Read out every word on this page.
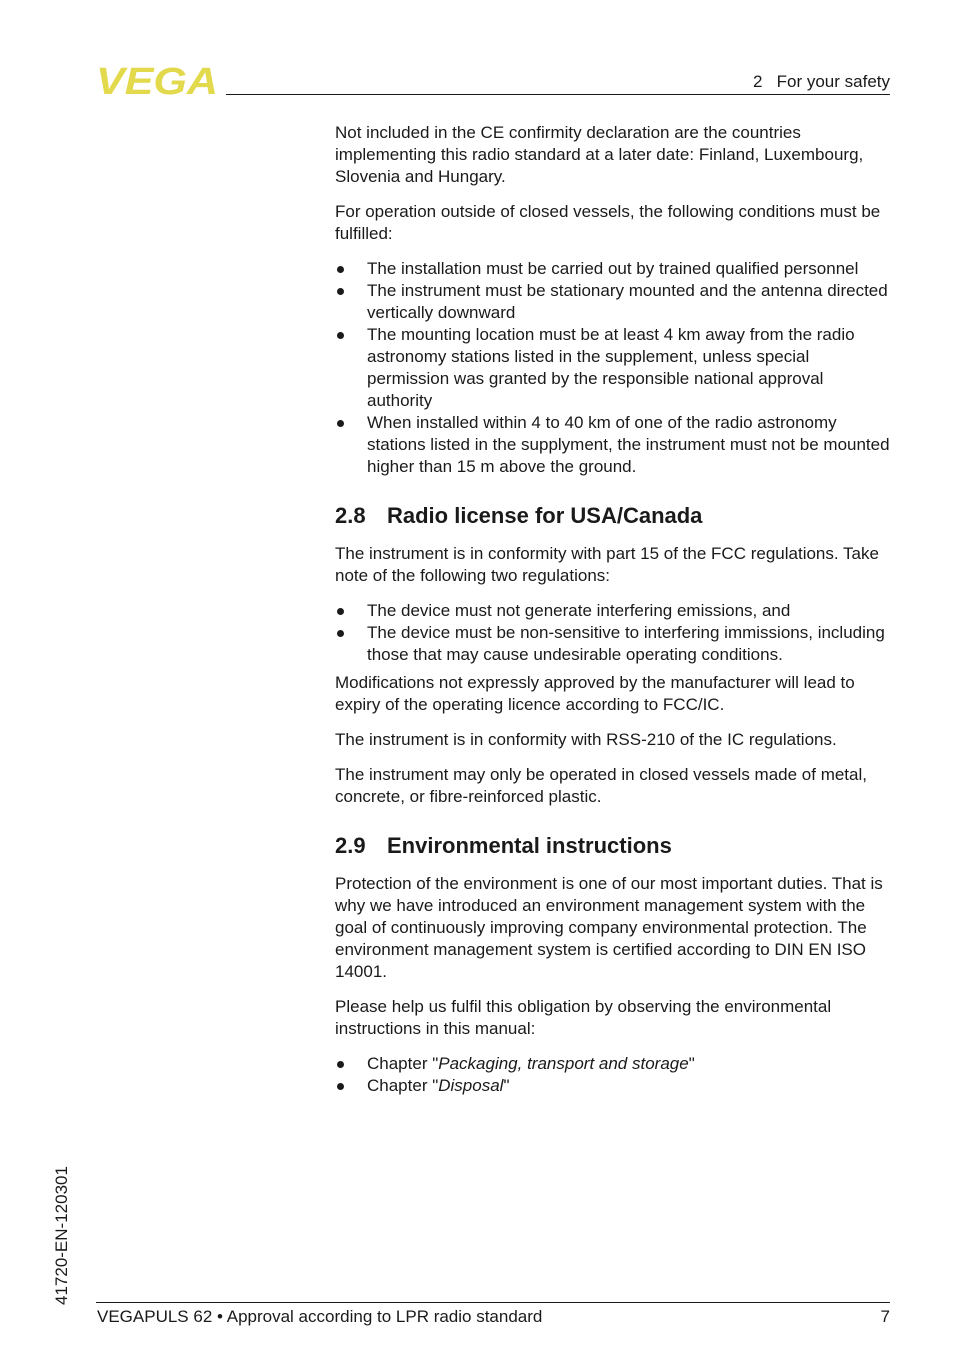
VEGA	2   For your safety

Not included in the CE confirmity declaration are the countries implementing this radio standard at a later date: Finland, Luxembourg, Slovenia and Hungary.

For operation outside of closed vessels, the following conditions must be fulfilled:

The installation must be carried out by trained qualified personnel
The instrument must be stationary mounted and the antenna directed vertically downward
The mounting location must be at least 4 km away from the radio astronomy stations listed in the supplement, unless special permission was granted by the responsible national approval authority
When installed within 4 to 40 km of one of the radio astronomy stations listed in the supplyment, the instrument must not be mounted higher than 15 m above the ground.
2.8 Radio license for USA/Canada

The instrument is in conformity with part 15 of the FCC regulations. Take note of the following two regulations:

The device must not generate interfering emissions, and
The device must be non-sensitive to interfering immissions, including those that may cause undesirable operating conditions.

Modifications not expressly approved by the manufacturer will lead to expiry of the operating licence according to FCC/IC.

The instrument is in conformity with RSS-210 of the IC regulations.

The instrument may only be operated in closed vessels made of metal, concrete, or fibre-reinforced plastic.

2.9 Environmental instructions

Protection of the environment is one of our most important duties. That is why we have introduced an environment management system with the goal of continuously improving company environmental protection. The environment management system is certified according to DIN EN ISO 14001.

Please help us fulfil this obligation by observing the environmental instructions in this manual:

Chapter "Packaging, transport and storage"
Chapter "Disposal"
41720-EN-120301
VEGAPULS 62 • Approval according to LPR radio standard	7
